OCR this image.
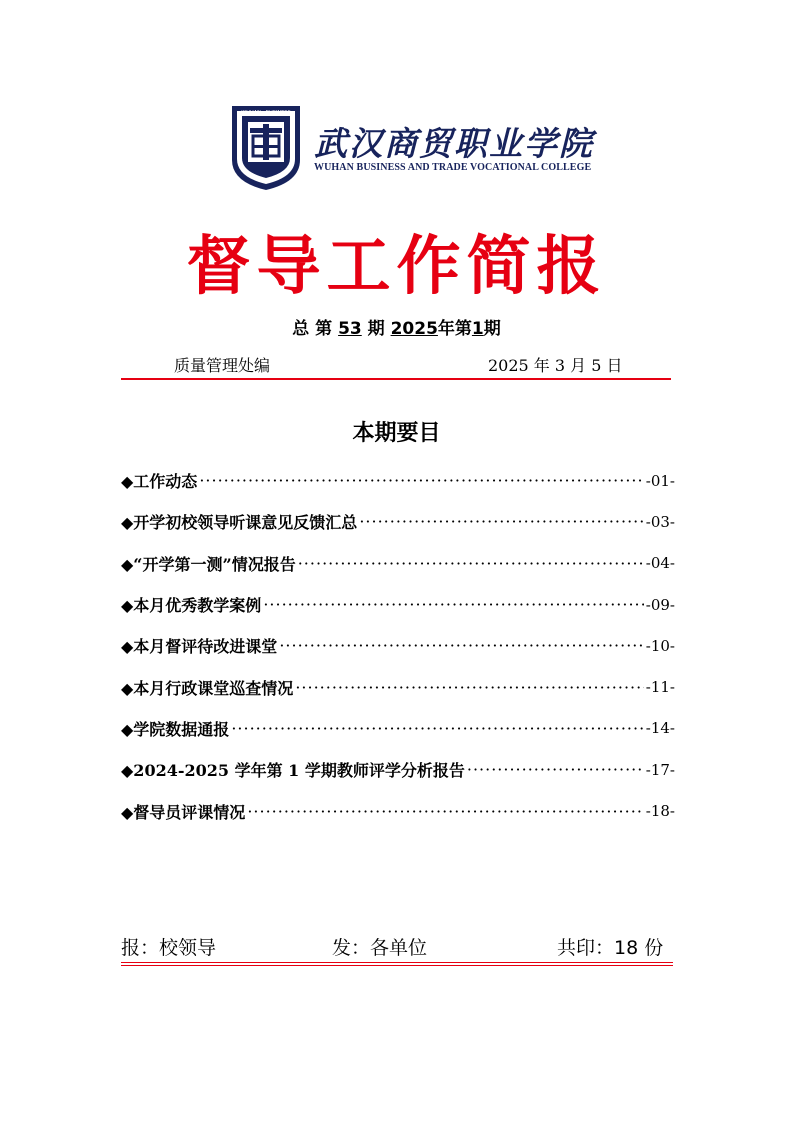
WUHAN · BUSINESS
武汉商贸职业学院
WUHAN BUSINESS AND TRADE VOCATIONAL COLLEGE
督导工作简报
总 第 53 期 2025年第1期
质量管理处编	2025 年 3 月 5 日
本期要目
◆工作动态 ·····	-01-
◆开学初校领导听课意见反馈汇总 ·····	-03-
◆“开学第一测”情况报告 ·····	-04-
◆本月优秀教学案例 ·····	-09-
◆本月督评待改进课堂 ·····	-10-
◆本月行政课堂巡查情况 ·····	-11-
◆学院数据通报 ·····	-14-
◆2024-2025 学年第 1 学期教师评学分析报告 ·····	-17-
◆督导员评课情况 ·····	-18-
报：校领导	发：各单位	共印：18 份
